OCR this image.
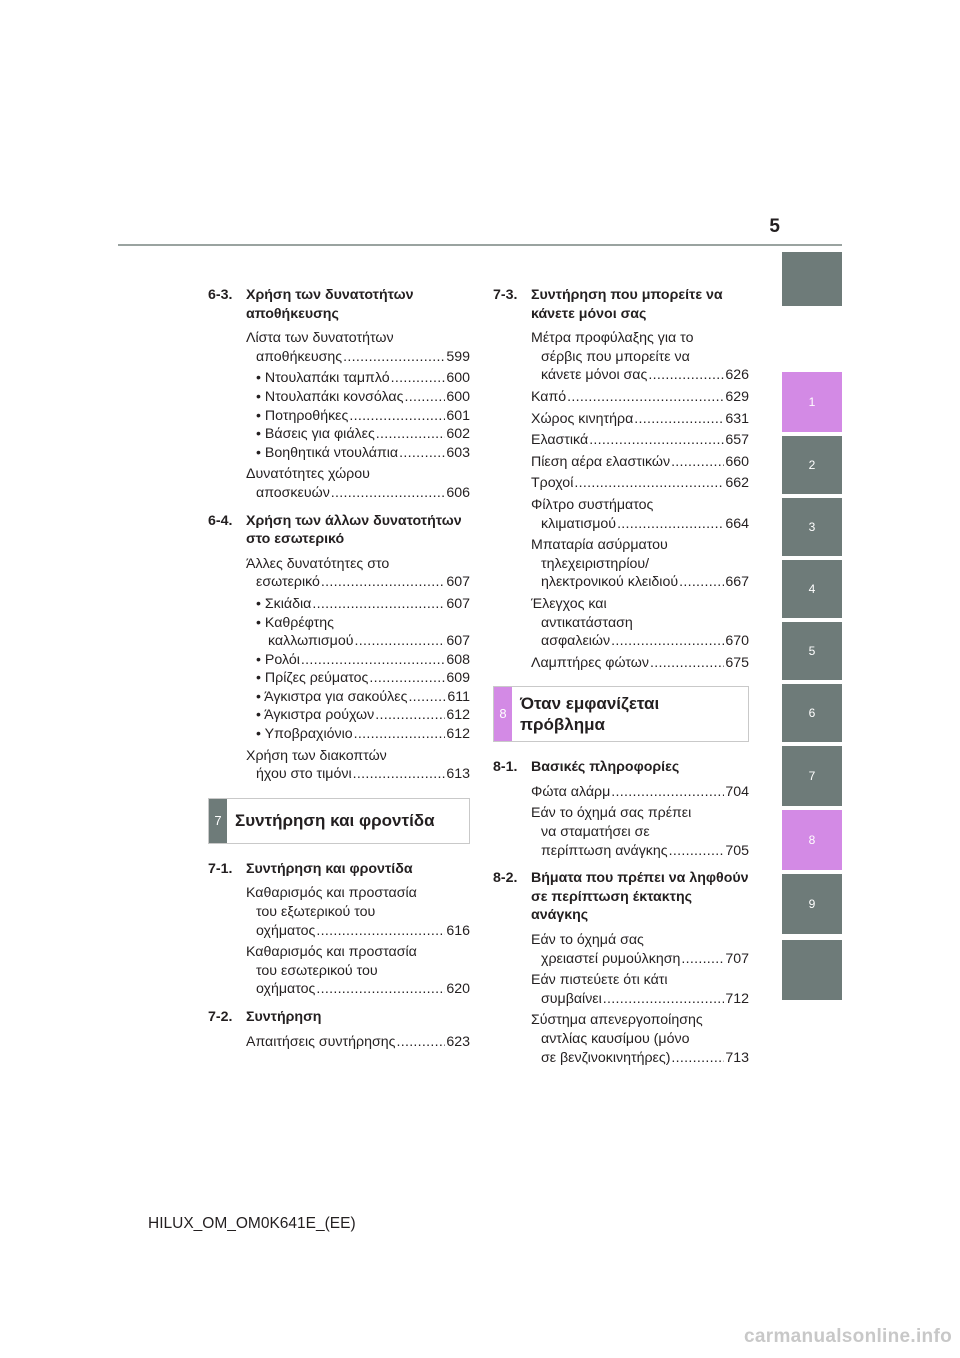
5
1
2
3
4
5
6
7
8
9
6-3. Χρήση των δυνατοτήτων αποθήκευσης
Λίστα των δυνατοτήτων
αποθήκευσης .....	599
• Ντουλαπάκι ταμπλό .....	600
• Ντουλαπάκι κονσόλας .....	600
• Ποτηροθήκες .....	601
• Βάσεις για φιάλες .....	602
• Βοηθητικά ντουλάπια .....	603
Δυνατότητες χώρου
αποσκευών .....	606
6-4. Χρήση των άλλων δυνατοτήτων στο εσωτερικό
Άλλες δυνατότητες στο
εσωτερικό .....	607
• Σκιάδια .....	607
• Καθρέφτης
καλλωπισμού .....	607
• Ρολόι .....	608
• Πρίζες ρεύματος .....	609
• Άγκιστρα για σακούλες .....	611
• Άγκιστρα ρούχων .....	612
• Υποβραχιόνιο .....	612
Χρήση των διακοπτών
ήχου στο τιμόνι .....	613
7 Συντήρηση και φροντίδα
7-1. Συντήρηση και φροντίδα
Καθαρισμός και προστασία
του εξωτερικού του
οχήματος .....	616
Καθαρισμός και προστασία
του εσωτερικού του
οχήματος .....	620
7-2. Συντήρηση
Απαιτήσεις συντήρησης .....	623
7-3. Συντήρηση που μπορείτε να κάνετε μόνοι σας
Μέτρα προφύλαξης για το
σέρβις που μπορείτε να
κάνετε μόνοι σας .....	626
Καπό .....	629
Χώρος κινητήρα .....	631
Ελαστικά .....	657
Πίεση αέρα ελαστικών .....	660
Τροχοί .....	662
Φίλτρο συστήματος
κλιματισμού .....	664
Μπαταρία ασύρματου
τηλεχειριστηρίου/
ηλεκτρονικού κλειδιού .....	667
Έλεγχος και
αντικατάσταση
ασφαλειών .....	670
Λαμπτήρες φώτων .....	675
8
Όταν εμφανίζεται πρόβλημα
8-1. Βασικές πληροφορίες
Φώτα αλάρμ .....	704
Εάν το όχημά σας πρέπει
να σταματήσει σε
περίπτωση ανάγκης .....	705
8-2. Βήματα που πρέπει να ληφθούν σε περίπτωση έκτακτης ανάγκης
Εάν το όχημά σας
χρειαστεί ρυμούλκηση .....	707
Εάν πιστεύετε ότι κάτι
συμβαίνει .....	712
Σύστημα απενεργοποίησης
αντλίας καυσίμου (μόνο
σε βενζινοκινητήρες) .....	713
HILUX_OM_OM0K641E_(EE)
carmanualsonline.info
